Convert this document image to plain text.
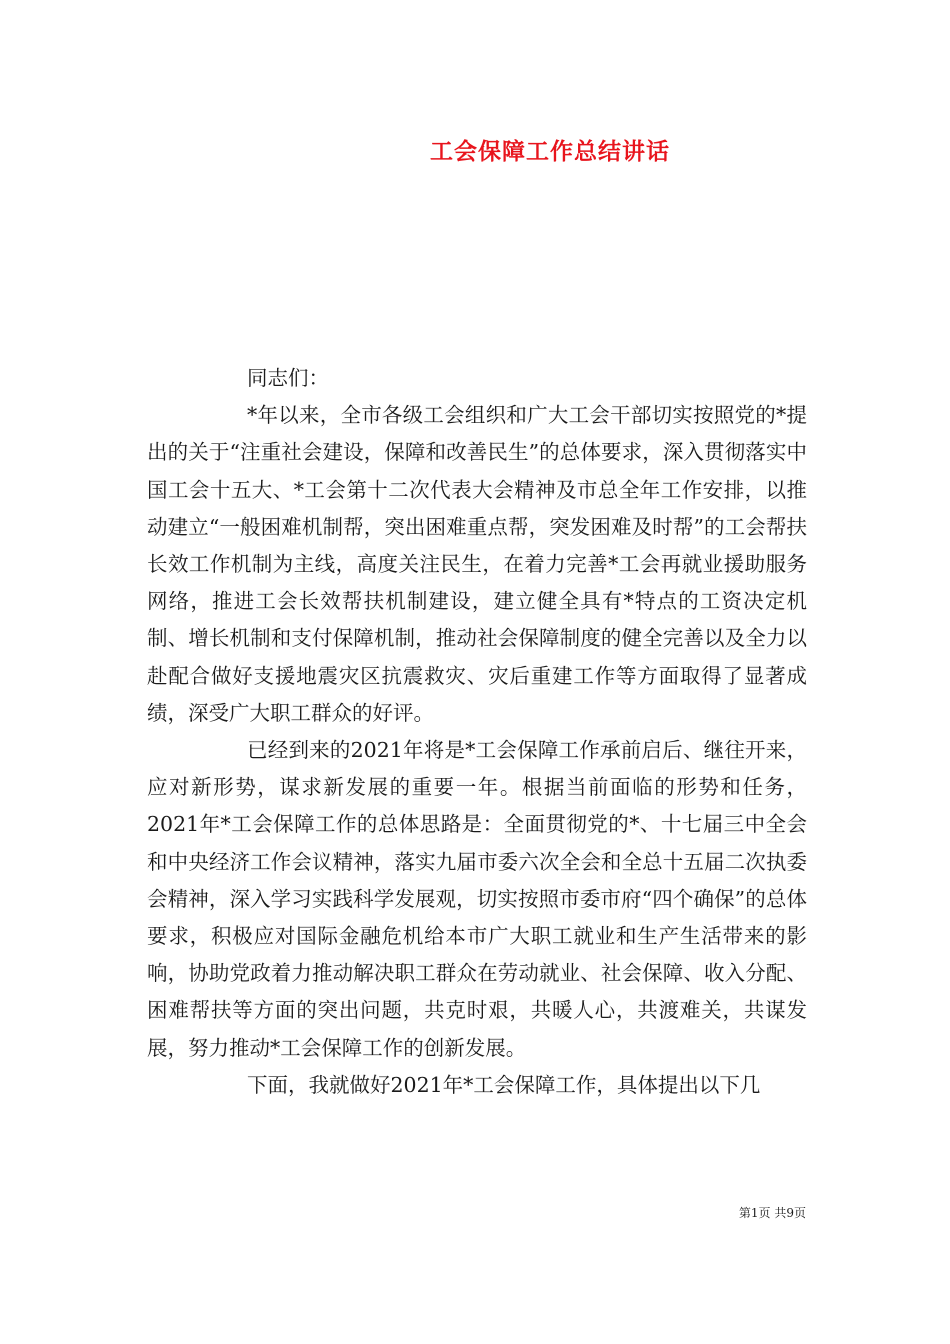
工会保障工作总结讲话

同志们：

*年以来，全市各级工会组织和广大工会干部切实按照党的*提出的关于“注重社会建设，保障和改善民生”的总体要求，深入贯彻落实中国工会十五大、*工会第十二次代表大会精神及市总全年工作安排，以推动建立“一般困难机制帮，突出困难重点帮，突发困难及时帮”的工会帮扶长效工作机制为主线，高度关注民生，在着力完善*工会再就业援助服务网络，推进工会长效帮扶机制建设，建立健全具有*特点的工资决定机制、增长机制和支付保障机制，推动社会保障制度的健全完善以及全力以赴配合做好支援地震灾区抗震救灾、灾后重建工作等方面取得了显著成绩，深受广大职工群众的好评。

已经到来的2021年将是*工会保障工作承前启后、继往开来，应对新形势，谋求新发展的重要一年。根据当前面临的形势和任务，2021年*工会保障工作的总体思路是：全面贯彻党的*、十七届三中全会和中央经济工作会议精神，落实九届市委六次全会和全总十五届二次执委会精神，深入学习实践科学发展观，切实按照市委市府“四个确保”的总体要求，积极应对国际金融危机给本市广大职工就业和生产生活带来的影响，协助党政着力推动解决职工群众在劳动就业、社会保障、收入分配、困难帮扶等方面的突出问题，共克时艰，共暖人心，共渡难关，共谋发展，努力推动*工会保障工作的创新发展。

下面，我就做好2021年*工会保障工作，具体提出以下几

第1页 共9页
